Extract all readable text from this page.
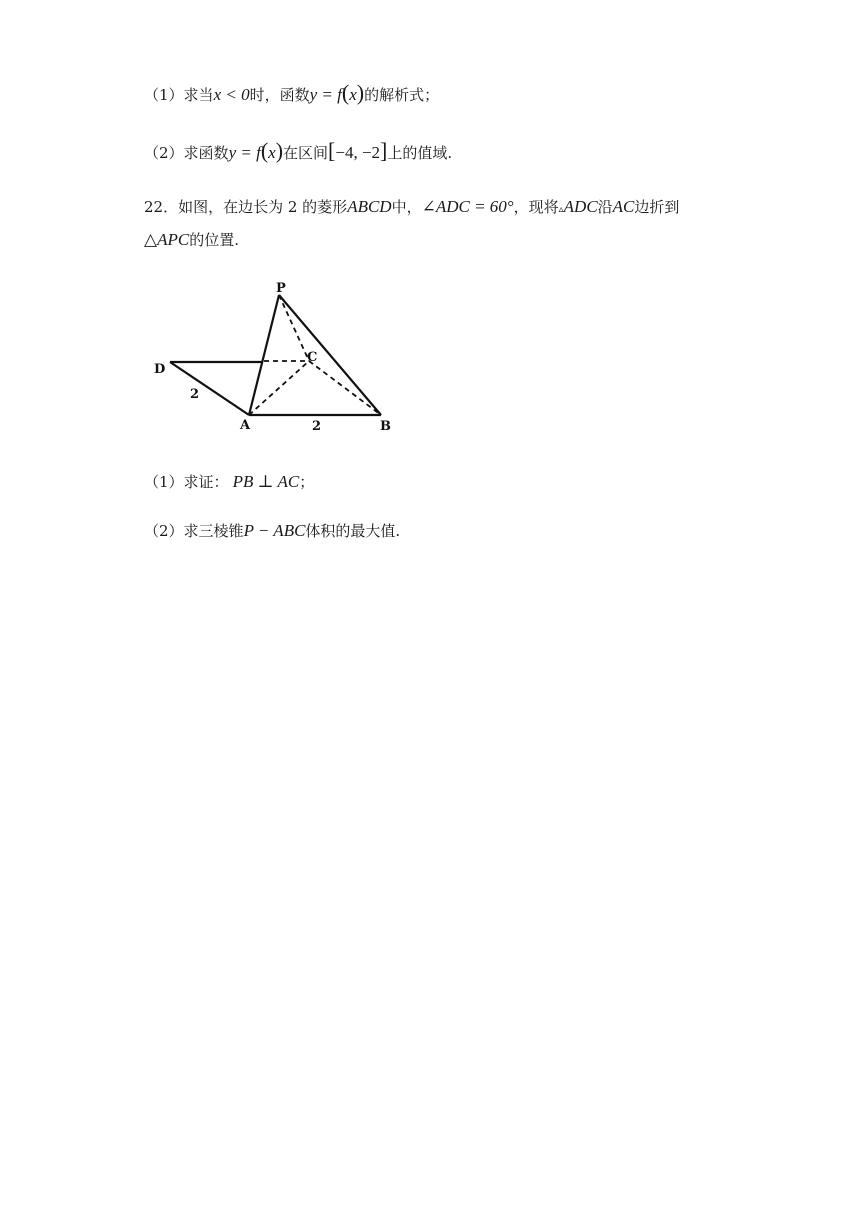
（1）求当x < 0时，函数y = f(x)的解析式；
（2）求函数y = f(x)在区间[−4, −2]上的值域.
22．如图，在边长为 2 的菱形ABCD中，∠ADC = 60°，现将▵ADC沿AC边折到
△APC的位置.
P
D
C
A	B
2
2
（1）求证： PB ⊥ AC；
（2）求三棱锥P − ABC体积的最大值.
